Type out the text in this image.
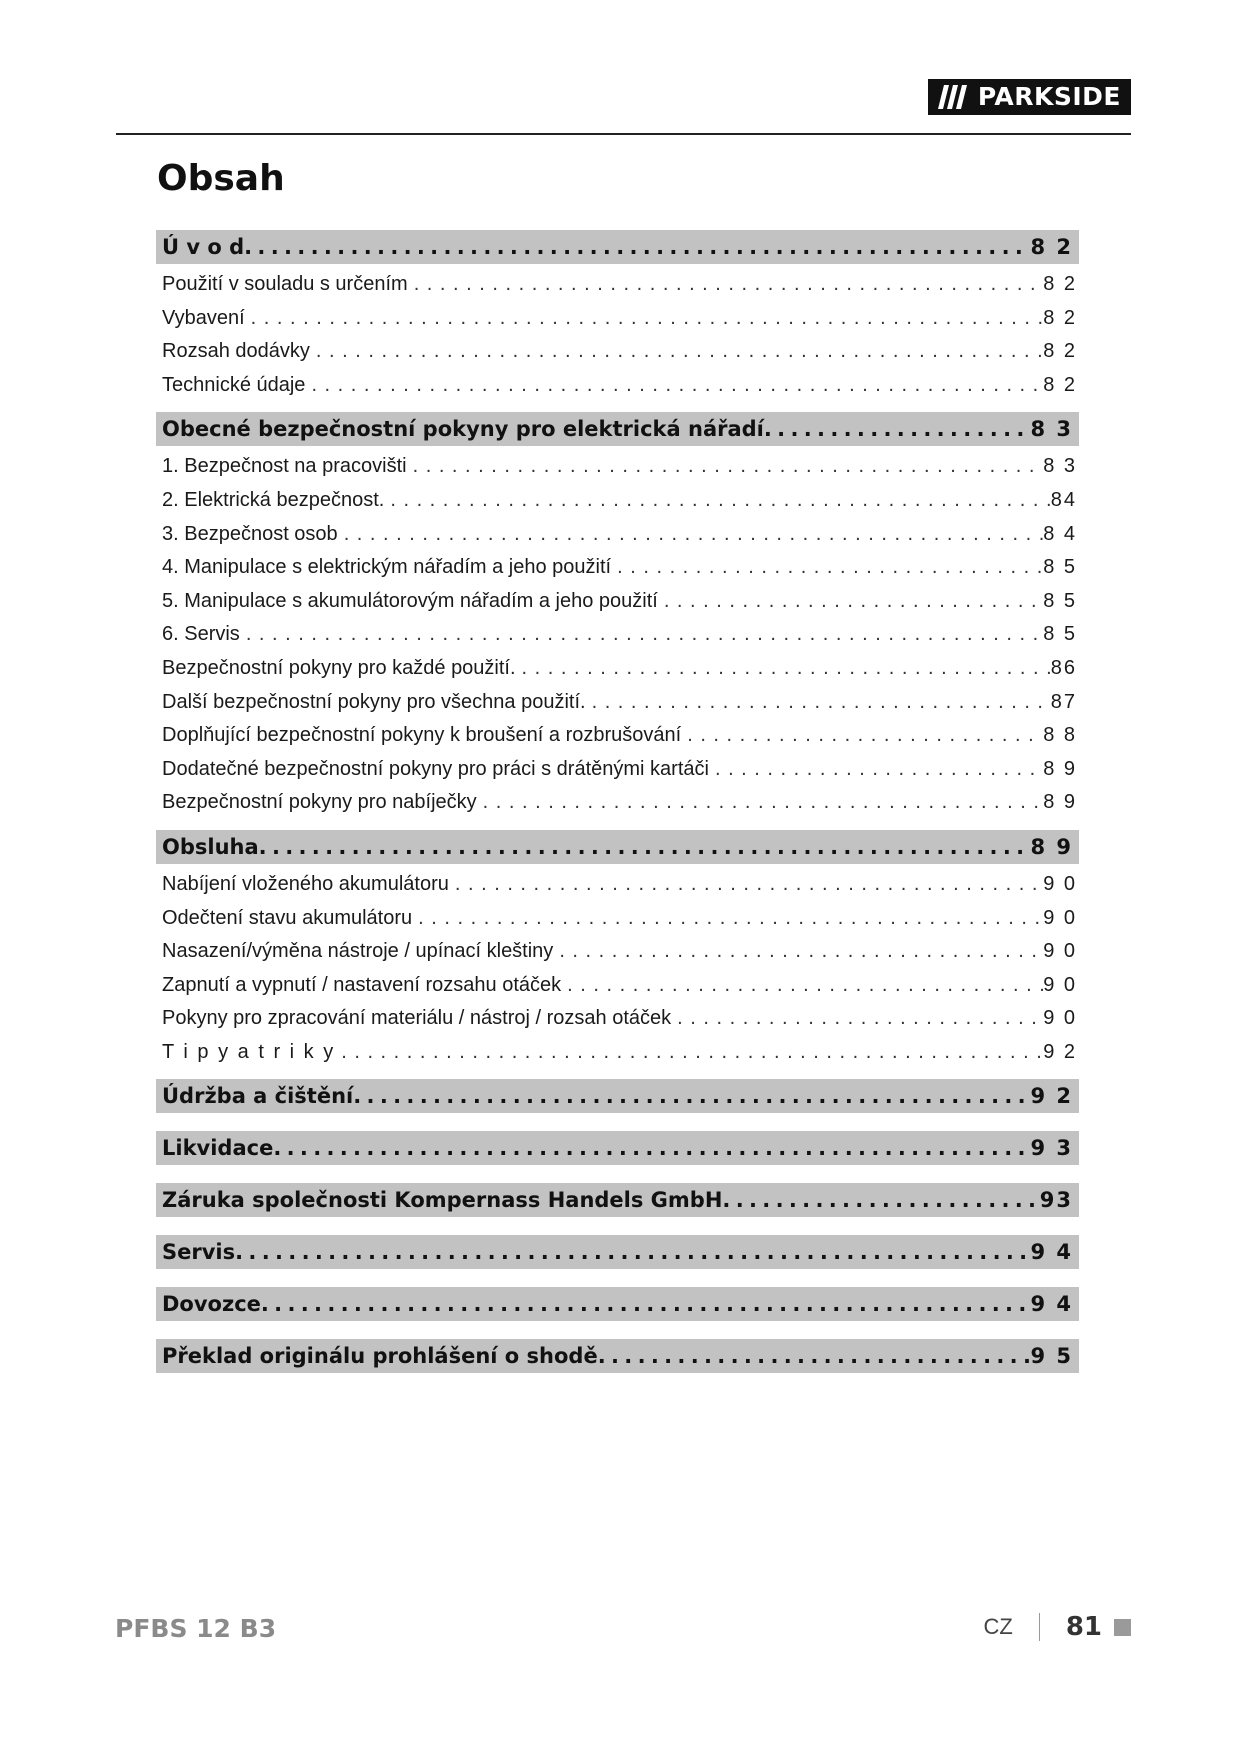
PARKSIDE
Obsah
Ú v o d . . .	8 2
Použití v souladu s určením . . .	8 2
Vybavení . . .	8 2
Rozsah dodávky . . .	8 2
Technické údaje . . .	8 2
Obecné bezpečnostní pokyny pro elektrická nářadí . . .	8 3
1. Bezpečnost na pracovišti . . .	8 3
2. Elektrická bezpečnost. . . .	84
3. Bezpečnost osob . . .	8 4
4. Manipulace s elektrickým nářadím a jeho použití . . .	8 5
5. Manipulace s akumulátorovým nářadím a jeho použití . . .	8 5
6. Servis . . .	8 5
Bezpečnostní pokyny pro každé použití. . . .	86
Další bezpečnostní pokyny pro všechna použití. . . .	87
Doplňující bezpečnostní pokyny k broušení a rozbrušování . . .	8 8
Dodatečné bezpečnostní pokyny pro práci s drátěnými kartáči . . .	8 9
Bezpečnostní pokyny pro nabíječky . . .	8 9
Obsluha . . .	8 9
Nabíjení vloženého akumulátoru . . .	9 0
Odečtení stavu akumulátoru . . .	9 0
Nasazení/výměna nástroje / upínací kleštiny . . .	9 0
Zapnutí a vypnutí / nastavení rozsahu otáček . . .	9 0
Pokyny pro zpracování materiálu / nástroj / rozsah otáček . . .	9 0
T i p y a t r i k y . . .	9 2
Údržba a čištění . . .	9 2
Likvidace . . .	9 3
Záruka společnosti Kompernass Handels GmbH . . .	93
Servis . . .	9 4
Dovozce . . .	9 4
Překlad originálu prohlášení o shodě . . .	9 5
PFBS 12 B3	CZ 81
